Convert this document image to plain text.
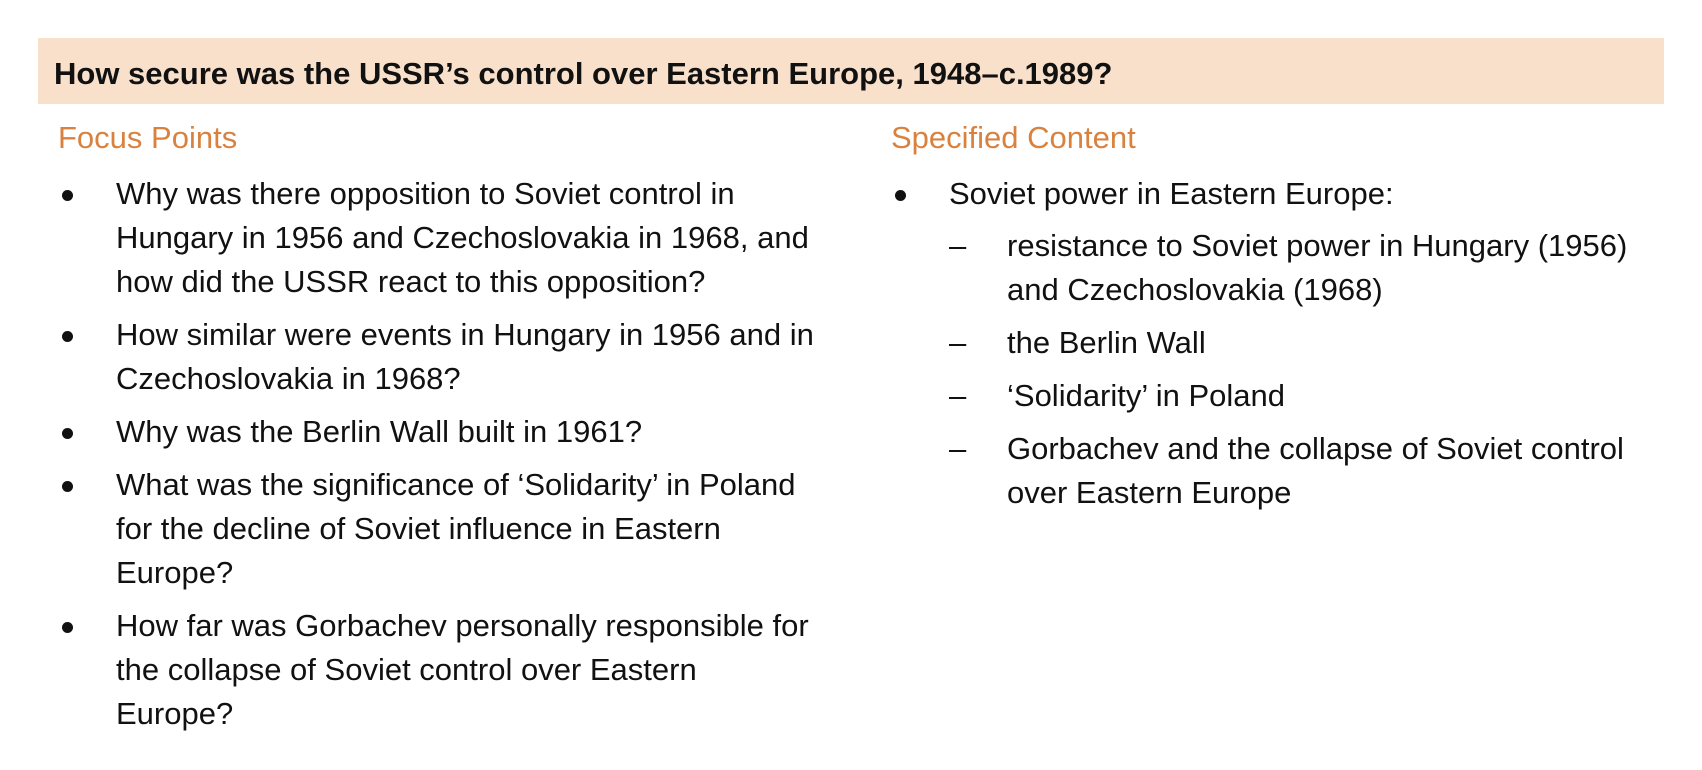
How secure was the USSR’s control over Eastern Europe, 1948–c.1989?
Focus Points
Why was there opposition to Soviet control in Hungary in 1956 and Czechoslovakia in 1968, and how did the USSR react to this opposition?
How similar were events in Hungary in 1956 and in Czechoslovakia in 1968?
Why was the Berlin Wall built in 1961?
What was the significance of ‘Solidarity’ in Poland for the decline of Soviet influence in Eastern Europe?
How far was Gorbachev personally responsible for the collapse of Soviet control over Eastern Europe?
Specified Content
Soviet power in Eastern Europe:
– resistance to Soviet power in Hungary (1956) and Czechoslovakia (1968)
– the Berlin Wall
– ‘Solidarity’ in Poland
– Gorbachev and the collapse of Soviet control over Eastern Europe
